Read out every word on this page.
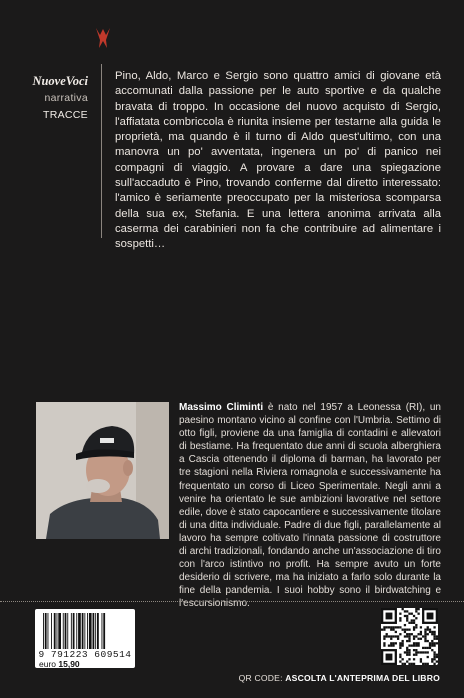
NuoveVoci
narrativa
TRACCE

Pino, Aldo, Marco e Sergio sono quattro amici di giovane età accomunati dalla passione per le auto sportive e da qualche bravata di troppo. In occasione del nuovo acquisto di Sergio, l'affiatata combriccola è riunita insieme per testarne alla guida le proprietà, ma quando è il turno di Aldo quest'ultimo, con una manovra un po' avventata, ingenera un po' di panico nei compagni di viaggio. A provare a dare una spiegazione sull'accaduto è Pino, trovando conferme dal diretto interessato: l'amico è seriamente preoccupato per la misteriosa scomparsa della sua ex, Stefania. E una lettera anonima arrivata alla caserma dei carabinieri non fa che contribuire ad alimentare i sospetti…

Massimo Climinti è nato nel 1957 a Leonessa (RI), un paesino montano vicino al confine con l'Umbria. Settimo di otto figli, proviene da una famiglia di contadini e allevatori di bestiame. Ha frequentato due anni di scuola alberghiera a Cascia ottenendo il diploma di barman, ha lavorato per tre stagioni nella Riviera romagnola e successivamente ha frequentato un corso di Liceo Sperimentale. Negli anni a venire ha orientato le sue ambizioni lavorative nel settore edile, dove è stato capocantiere e successivamente titolare di una ditta individuale. Padre di due figli, parallelamente al lavoro ha sempre coltivato l'innata passione di costruttore di archi tradizionali, fondando anche un'associazione di tiro con l'arco istintivo no profit. Ha sempre avuto un forte desiderio di scrivere, ma ha iniziato a farlo solo durante la fine della pandemia. I suoi hobby sono il birdwatching e l'escursionismo.

9 791223 609514
euro 15,90
QR CODE: ASCOLTA L'ANTEPRIMA DEL LIBRO
